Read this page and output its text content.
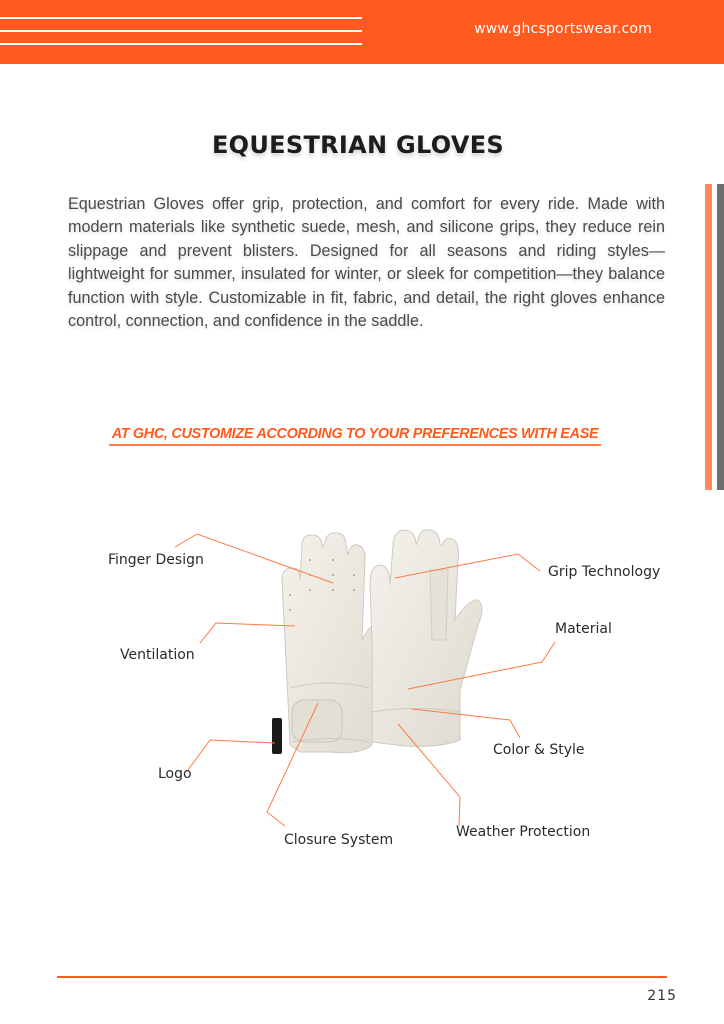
www.ghcsportswear.com
EQUESTRIAN GLOVES

Equestrian Gloves offer grip, protection, and comfort for every ride. Made with modern materials like synthetic suede, mesh, and silicone grips, they reduce rein slippage and prevent blisters. Designed for all seasons and riding styles—lightweight for summer, insulated for winter, or sleek for competition—they balance function with style. Customizable in fit, fabric, and detail, the right gloves enhance control, connection, and confidence in the saddle.

AT GHC, CUSTOMIZE ACCORDING TO YOUR PREFERENCES WITH EASE
Finger Design
Ventilation
Logo
Closure System
Grip Technology
Material
Color & Style
Weather Protection
215
